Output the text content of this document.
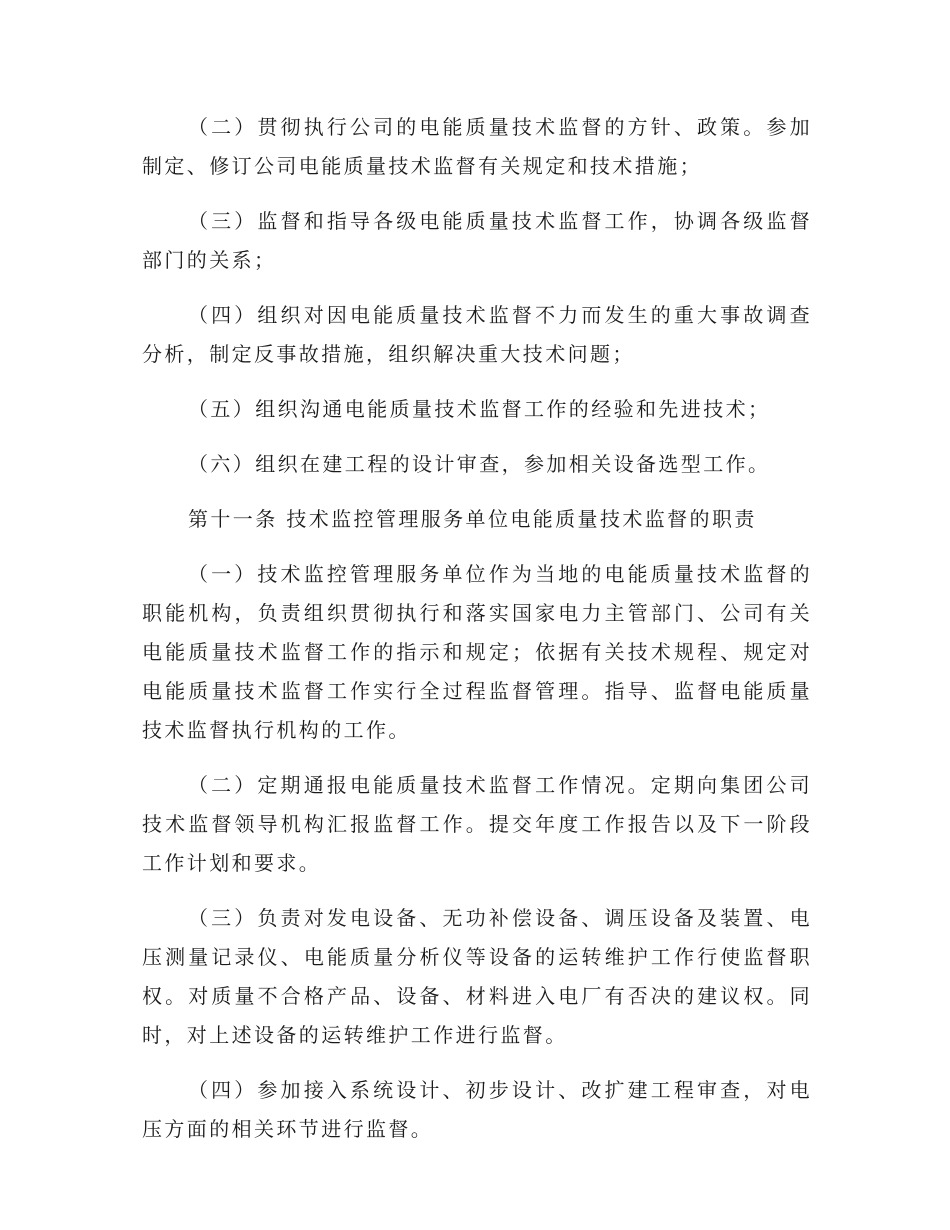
（二）贯彻执行公司的电能质量技术监督的方针、政策。参加制定、修订公司电能质量技术监督有关规定和技术措施；

（三）监督和指导各级电能质量技术监督工作，协调各级监督部门的关系；

（四）组织对因电能质量技术监督不力而发生的重大事故调查分析，制定反事故措施，组织解决重大技术问题；

（五）组织沟通电能质量技术监督工作的经验和先进技术；

（六）组织在建工程的设计审查，参加相关设备选型工作。

第十一条 技术监控管理服务单位电能质量技术监督的职责

（一）技术监控管理服务单位作为当地的电能质量技术监督的职能机构，负责组织贯彻执行和落实国家电力主管部门、公司有关电能质量技术监督工作的指示和规定；依据有关技术规程、规定对电能质量技术监督工作实行全过程监督管理。指导、监督电能质量技术监督执行机构的工作。

（二）定期通报电能质量技术监督工作情况。定期向集团公司技术监督领导机构汇报监督工作。提交年度工作报告以及下一阶段工作计划和要求。

（三）负责对发电设备、无功补偿设备、调压设备及装置、电压测量记录仪、电能质量分析仪等设备的运转维护工作行使监督职权。对质量不合格产品、设备、材料进入电厂有否决的建议权。同时，对上述设备的运转维护工作进行监督。

（四）参加接入系统设计、初步设计、改扩建工程审查，对电压方面的相关环节进行监督。
